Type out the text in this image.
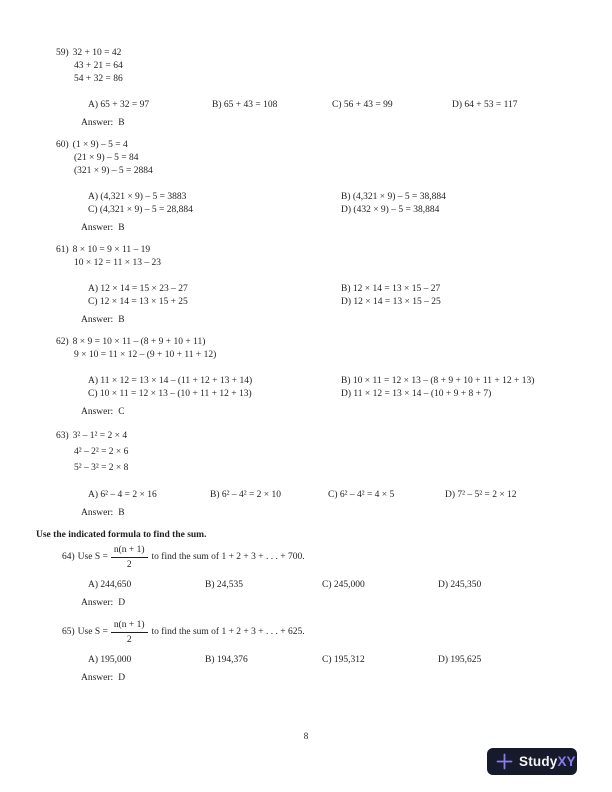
59) 32 + 10 = 42
43 + 21 = 64
54 + 32 = 86
A) 65 + 32 = 97	B) 65 + 43 = 108	C) 56 + 43 = 99	D) 64 + 53 = 117
Answer: B
60) (1 × 9) – 5 = 4
(21 × 9) – 5 = 84
(321 × 9) – 5 = 2884
A) (4,321 × 9) – 5 = 3883	B) (4,321 × 9) – 5 = 38,884
C) (4,321 × 9) – 5 = 28,884	D) (432 × 9) – 5 = 38,884
Answer: B
61) 8 × 10 = 9 × 11 – 19
10 × 12 = 11 × 13 – 23
A) 12 × 14 = 15 × 23 – 27	B) 12 × 14 = 13 × 15 – 27
C) 12 × 14 = 13 × 15 + 25	D) 12 × 14 = 13 × 15 – 25
Answer: B
62) 8 × 9 = 10 × 11 – (8 + 9 + 10 + 11)
9 × 10 = 11 × 12 – (9 + 10 + 11 + 12)
A) 11 × 12 = 13 × 14 – (11 + 12 + 13 + 14)	B) 10 × 11 = 12 × 13 – (8 + 9 + 10 + 11 + 12 + 13)
C) 10 × 11 = 12 × 13 – (10 + 11 + 12 + 13)	D) 11 × 12 = 13 × 14 – (10 + 9 + 8 + 7)
Answer: C
63) 3² – 1² = 2 × 4
4² – 2² = 2 × 6
5² – 3² = 2 × 8
A) 6² – 4 = 2 × 16	B) 6² – 4² = 2 × 10	C) 6² – 4² = 4 × 5	D) 7² – 5² = 2 × 12
Answer: B
Use the indicated formula to find the sum.
64) Use $S = \frac{n(n + 1)}{2}$ to find the sum of 1 + 2 + 3 + . . . + 700.
A) 244,650	B) 24,535	C) 245,000	D) 245,350
Answer: D
65) Use $S = \frac{n(n + 1)}{2}$ to find the sum of 1 + 2 + 3 + . . . + 625.
A) 195,000	B) 194,376	C) 195,312	D) 195,625
Answer: D
8
Study XY
